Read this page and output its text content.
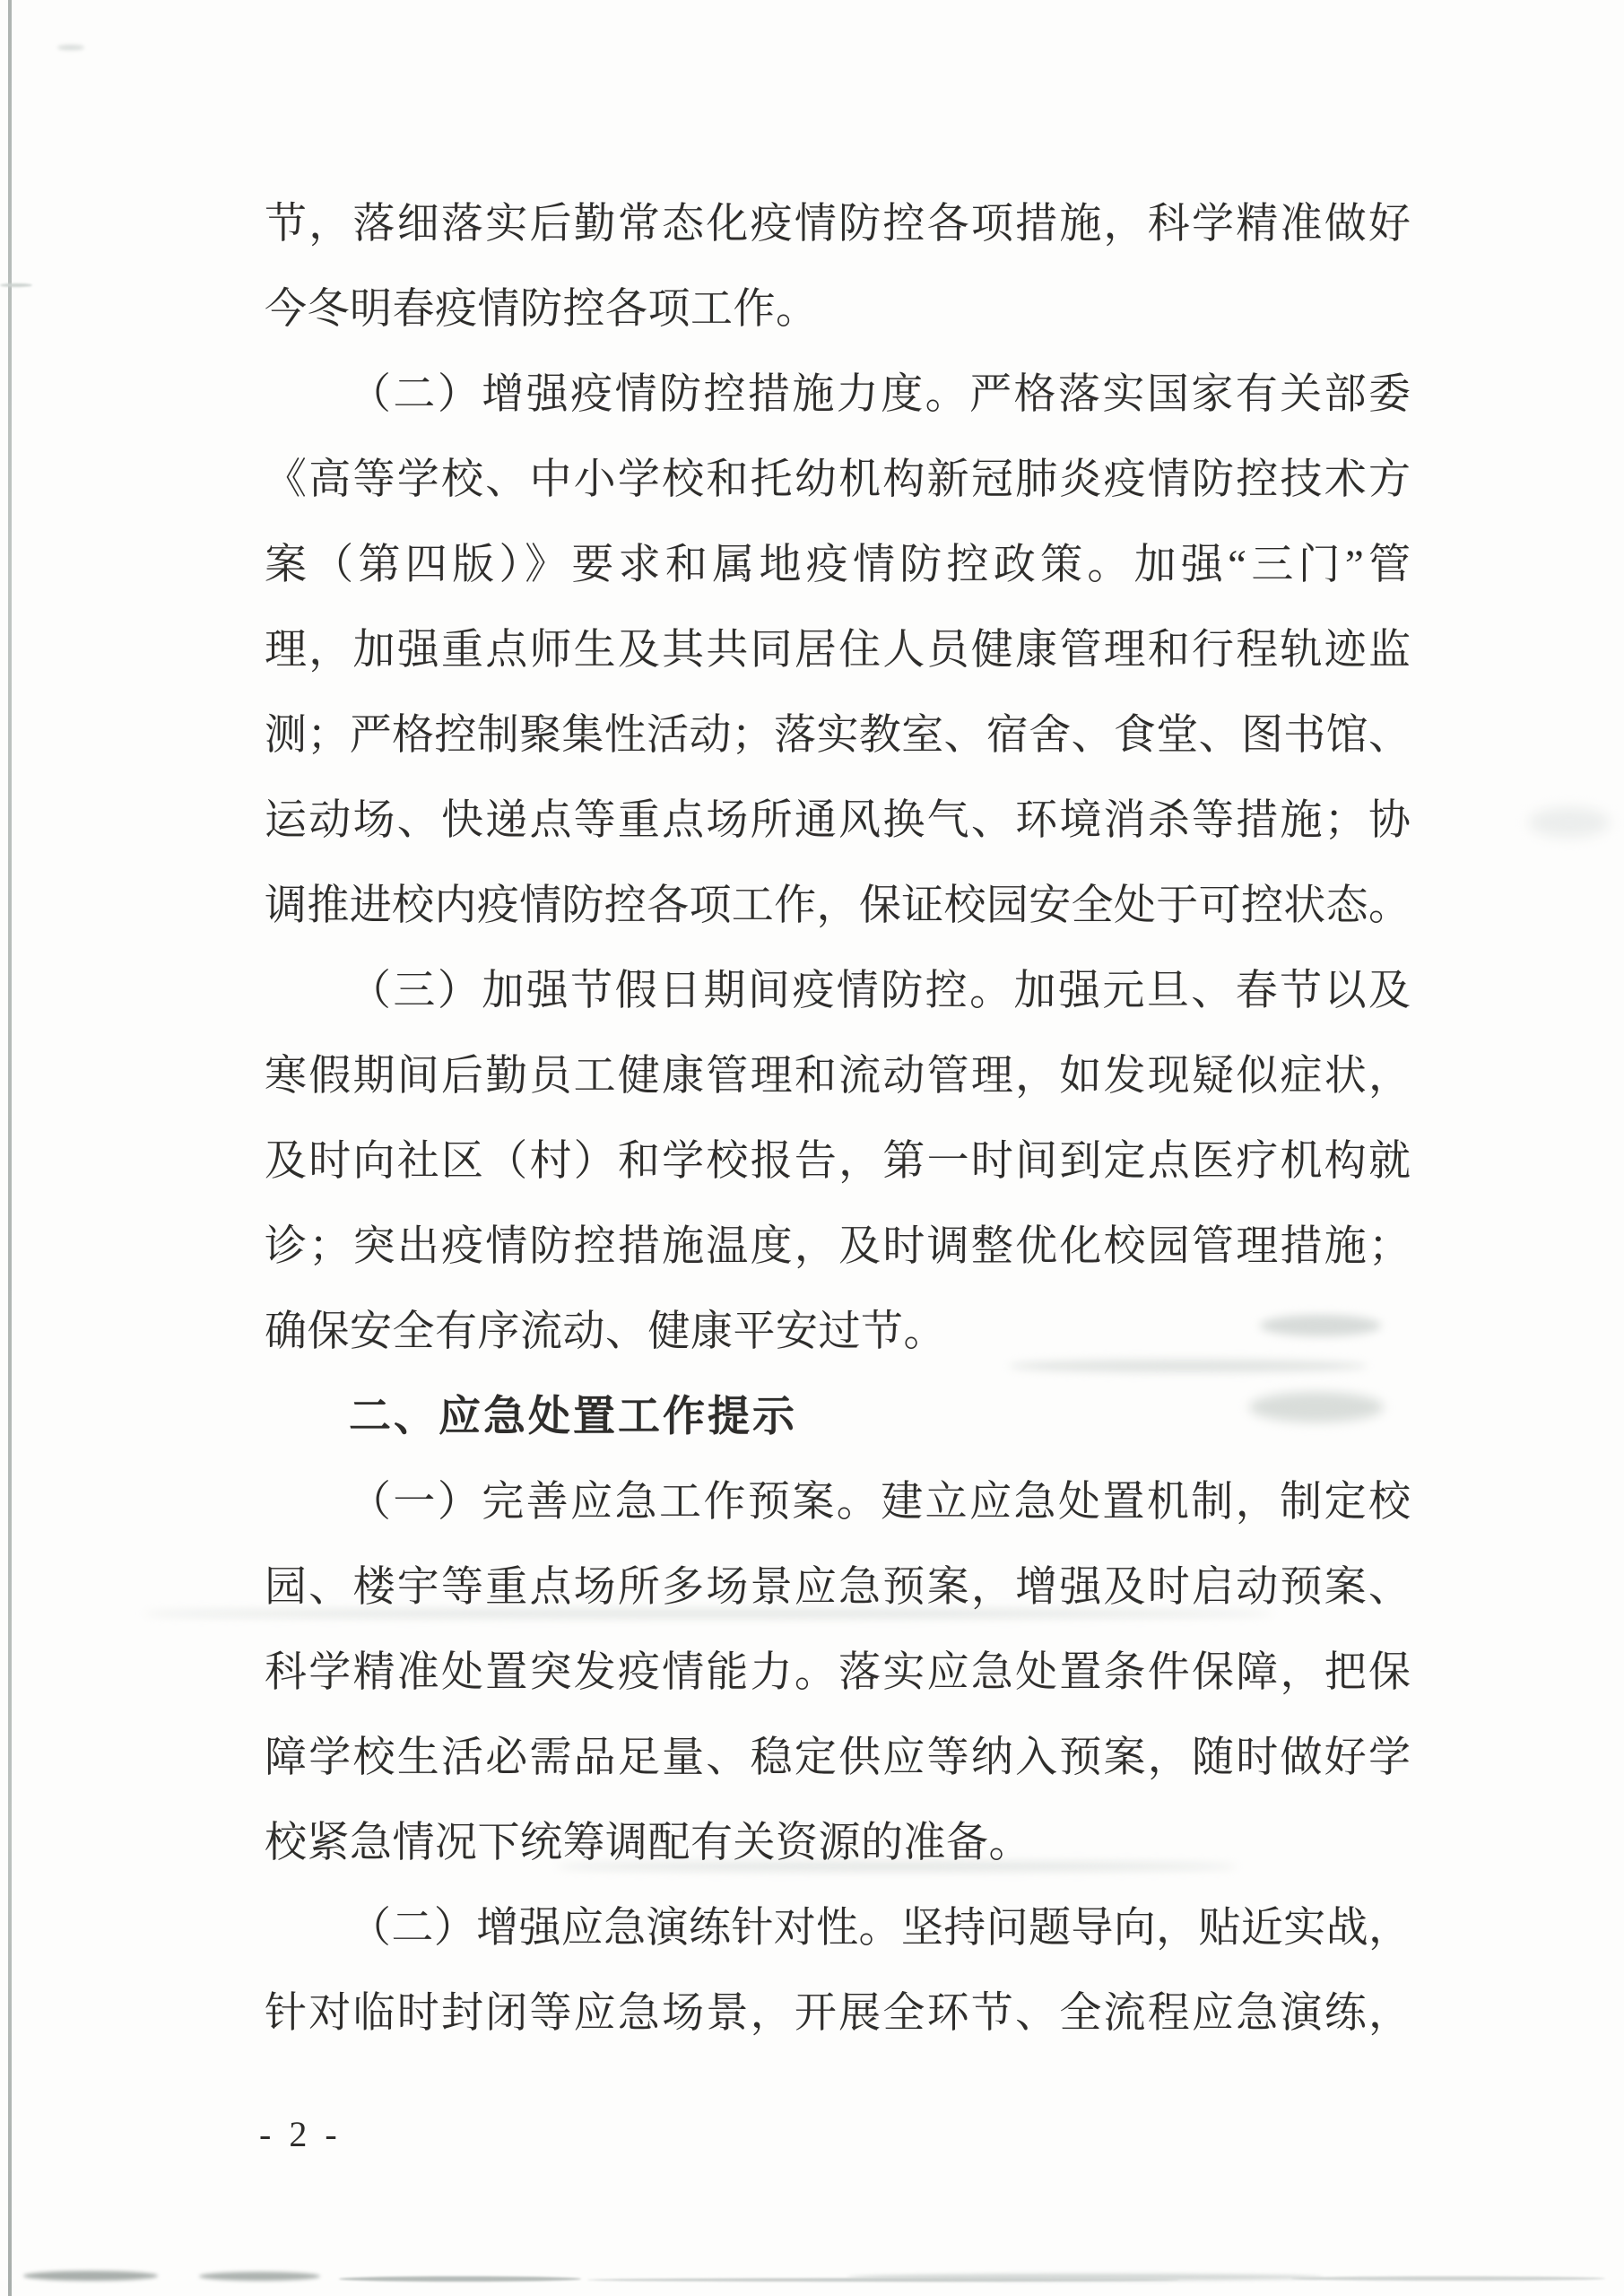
节，落细落实后勤常态化疫情防控各项措施，科学精准做好
今冬明春疫情防控各项工作。
（二）增强疫情防控措施力度。严格落实国家有关部委
《高等学校、中小学校和托幼机构新冠肺炎疫情防控技术方
案（第四版）》要求和属地疫情防控政策。加强“三门”管
理，加强重点师生及其共同居住人员健康管理和行程轨迹监
测；严格控制聚集性活动；落实教室、宿舍、食堂、图书馆、
运动场、快递点等重点场所通风换气、环境消杀等措施；协
调推进校内疫情防控各项工作，保证校园安全处于可控状态。
（三）加强节假日期间疫情防控。加强元旦、春节以及
寒假期间后勤员工健康管理和流动管理，如发现疑似症状，
及时向社区（村）和学校报告，第一时间到定点医疗机构就
诊；突出疫情防控措施温度，及时调整优化校园管理措施；
确保安全有序流动、健康平安过节。
二、应急处置工作提示
（一）完善应急工作预案。建立应急处置机制，制定校
园、楼宇等重点场所多场景应急预案，增强及时启动预案、
科学精准处置突发疫情能力。落实应急处置条件保障，把保
障学校生活必需品足量、稳定供应等纳入预案，随时做好学
校紧急情况下统筹调配有关资源的准备。
（二）增强应急演练针对性。坚持问题导向，贴近实战，
针对临时封闭等应急场景，开展全环节、全流程应急演练，
- 2 -
